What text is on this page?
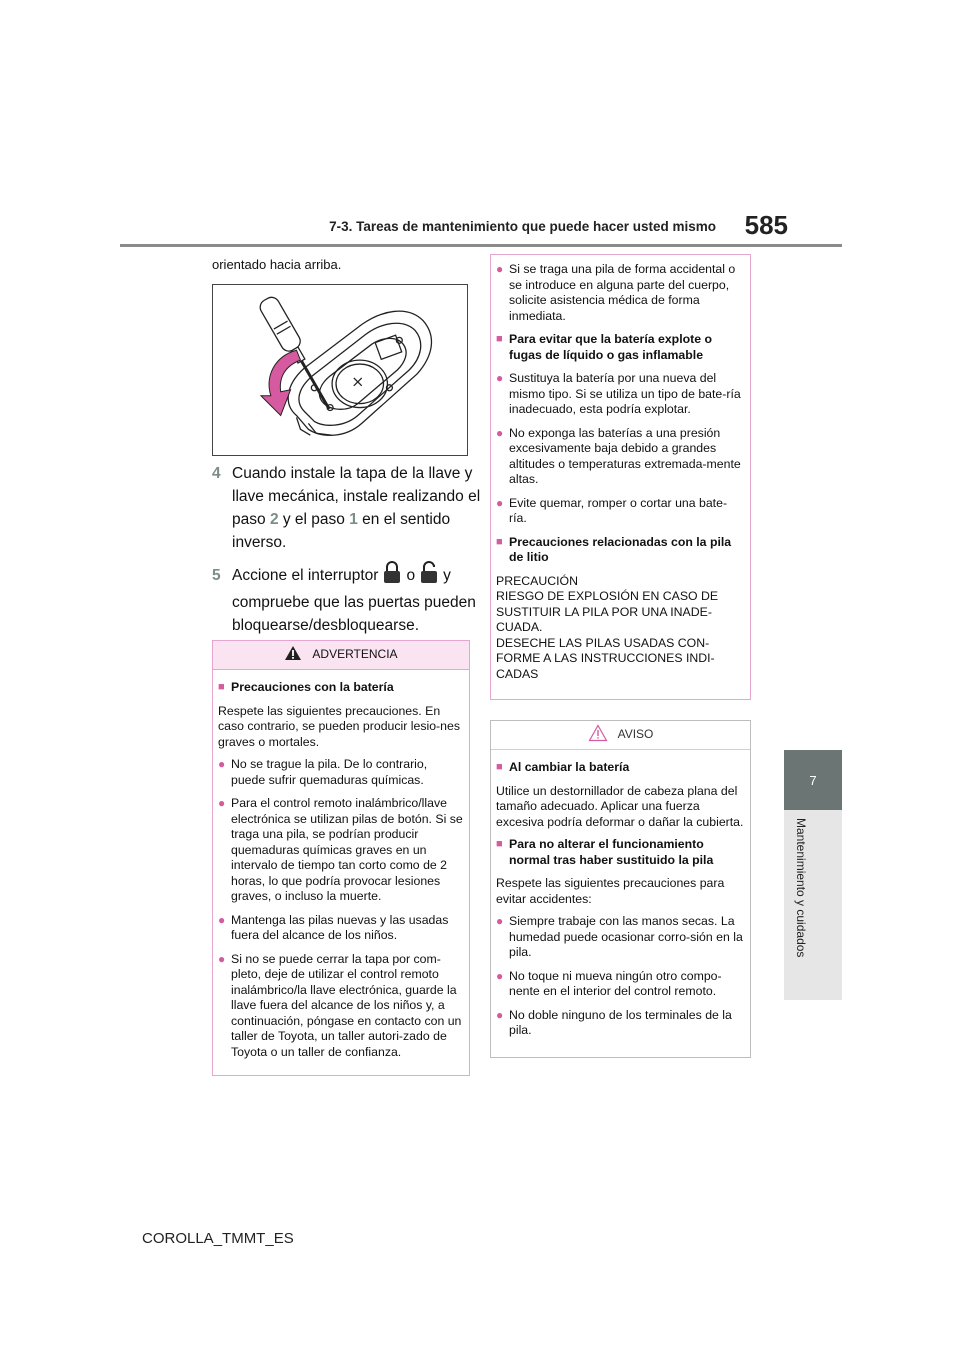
7-3. Tareas de mantenimiento que puede hacer usted mismo	585
7
Mantenimiento y cuidados
orientado hacia arriba.
4 Cuando instale la tapa de la llave y
llave mecánica, instale realizando el
paso 2 y el paso 1 en el sentido
inverso.
5 Accione el interruptor o y
compruebe que las puertas pueden
bloquearse/desbloquearse.
ADVERTENCIA
■ Precauciones con la batería

Respete las siguientes precauciones. En caso contrario, se pueden producir lesio-nes graves o mortales.

● No se trague la pila. De lo contrario, puede sufrir quemaduras químicas.
● Para el control remoto inalámbrico/llave electrónica se utilizan pilas de botón. Si se traga una pila, se podrían producir quemaduras químicas graves en un intervalo de tiempo tan corto como de 2 horas, lo que podría provocar lesiones graves, o incluso la muerte.
● Mantenga las pilas nuevas y las usadas fuera del alcance de los niños.
● Si no se puede cerrar la tapa por com-pleto, deje de utilizar el control remoto inalámbrico/la llave electrónica, guarde la llave fuera del alcance de los niños y, a continuación, póngase en contacto con un taller de Toyota, un taller autori-zado de Toyota o un taller de confianza.
● Si se traga una pila de forma accidental o se introduce en alguna parte del cuerpo, solicite asistencia médica de forma inmediata.
■ Para evitar que la batería explote o fugas de líquido o gas inflamable
● Sustituya la batería por una nueva del mismo tipo. Si se utiliza un tipo de bate-ría inadecuado, esta podría explotar.
● No exponga las baterías a una presión excesivamente baja debido a grandes altitudes o temperaturas extremada-mente altas.
● Evite quemar, romper o cortar una bate-ría.
■ Precauciones relacionadas con la pila de litio
PRECAUCIÓN
RIESGO DE EXPLOSIÓN EN CASO DE
SUSTITUIR LA PILA POR UNA INADE-
CUADA.
DESECHE LAS PILAS USADAS CON-
FORME A LAS INSTRUCCIONES INDI-
CADAS
AVISO
■ Al cambiar la batería

Utilice un destornillador de cabeza plana del tamaño adecuado. Aplicar una fuerza excesiva podría deformar o dañar la cubierta.

■ Para no alterar el funcionamiento normal tras haber sustituido la pila

Respete las siguientes precauciones para evitar accidentes:

● Siempre trabaje con las manos secas. La humedad puede ocasionar corro-sión en la pila.
● No toque ni mueva ningún otro compo-nente en el interior del control remoto.
● No doble ninguno de los terminales de la pila.
COROLLA_TMMT_ES
